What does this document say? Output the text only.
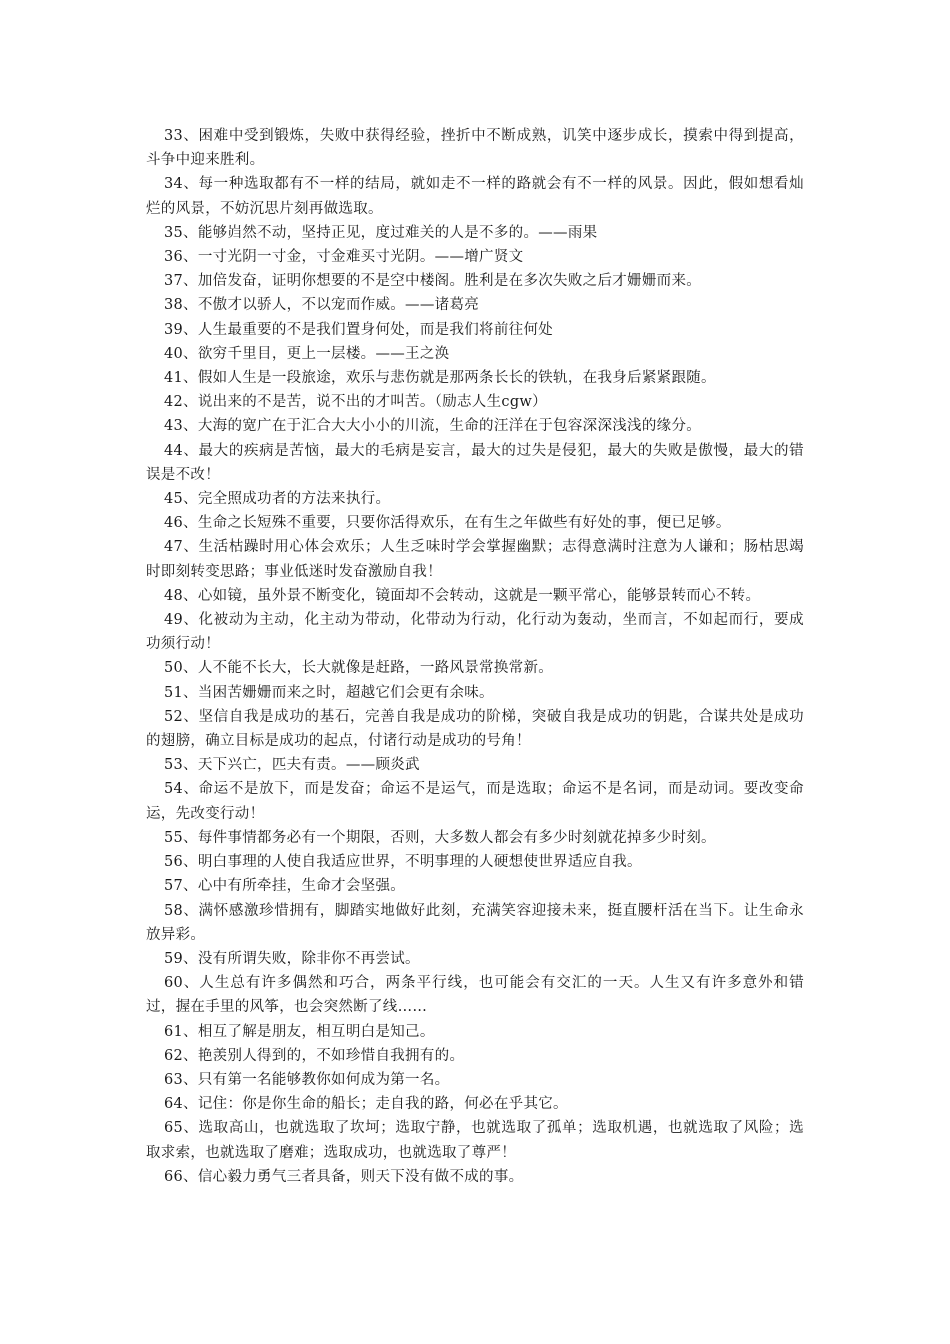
33、困难中受到锻炼，失败中获得经验，挫折中不断成熟，讥笑中逐步成长，摸索中得到提高，斗争中迎来胜利。

34、每一种选取都有不一样的结局，就如走不一样的路就会有不一样的风景。因此，假如想看灿烂的风景，不妨沉思片刻再做选取。

35、能够岿然不动，坚持正见，度过难关的人是不多的。——雨果

36、一寸光阴一寸金，寸金难买寸光阴。——增广贤文

37、加倍发奋，证明你想要的不是空中楼阁。胜利是在多次失败之后才姗姗而来。

38、不傲才以骄人，不以宠而作威。——诸葛亮

39、人生最重要的不是我们置身何处，而是我们将前往何处

40、欲穷千里目，更上一层楼。——王之涣

41、假如人生是一段旅途，欢乐与悲伤就是那两条长长的铁轨，在我身后紧紧跟随。

42、说出来的不是苦，说不出的才叫苦。（励志人生cgw）

43、大海的宽广在于汇合大大小小的川流，生命的汪洋在于包容深深浅浅的缘分。

44、最大的疾病是苦恼，最大的毛病是妄言，最大的过失是侵犯，最大的失败是傲慢，最大的错误是不改！

45、完全照成功者的方法来执行。

46、生命之长短殊不重要，只要你活得欢乐，在有生之年做些有好处的事，便已足够。

47、生活枯躁时用心体会欢乐；人生乏味时学会掌握幽默；志得意满时注意为人谦和；肠枯思竭时即刻转变思路；事业低迷时发奋激励自我！

48、心如镜，虽外景不断变化，镜面却不会转动，这就是一颗平常心，能够景转而心不转。

49、化被动为主动，化主动为带动，化带动为行动，化行动为轰动，坐而言，不如起而行，要成功须行动！

50、人不能不长大，长大就像是赶路，一路风景常换常新。

51、当困苦姗姗而来之时，超越它们会更有余味。

52、坚信自我是成功的基石，完善自我是成功的阶梯，突破自我是成功的钥匙，合谋共处是成功的翅膀，确立目标是成功的起点，付诸行动是成功的号角！

53、天下兴亡，匹夫有责。——顾炎武

54、命运不是放下，而是发奋；命运不是运气，而是选取；命运不是名词，而是动词。要改变命运，先改变行动！

55、每件事情都务必有一个期限，否则，大多数人都会有多少时刻就花掉多少时刻。

56、明白事理的人使自我适应世界，不明事理的人硬想使世界适应自我。

57、心中有所牵挂，生命才会坚强。

58、满怀感激珍惜拥有，脚踏实地做好此刻，充满笑容迎接未来，挺直腰杆活在当下。让生命永放异彩。

59、没有所谓失败，除非你不再尝试。

60、人生总有许多偶然和巧合，两条平行线，也可能会有交汇的一天。人生又有许多意外和错过，握在手里的风筝，也会突然断了线……

61、相互了解是朋友，相互明白是知己。

62、艳羡别人得到的，不如珍惜自我拥有的。

63、只有第一名能够教你如何成为第一名。

64、记住：你是你生命的船长；走自我的路，何必在乎其它。

65、选取高山，也就选取了坎坷；选取宁静，也就选取了孤单；选取机遇，也就选取了风险；选取求索，也就选取了磨难；选取成功，也就选取了尊严！

66、信心毅力勇气三者具备，则天下没有做不成的事。
